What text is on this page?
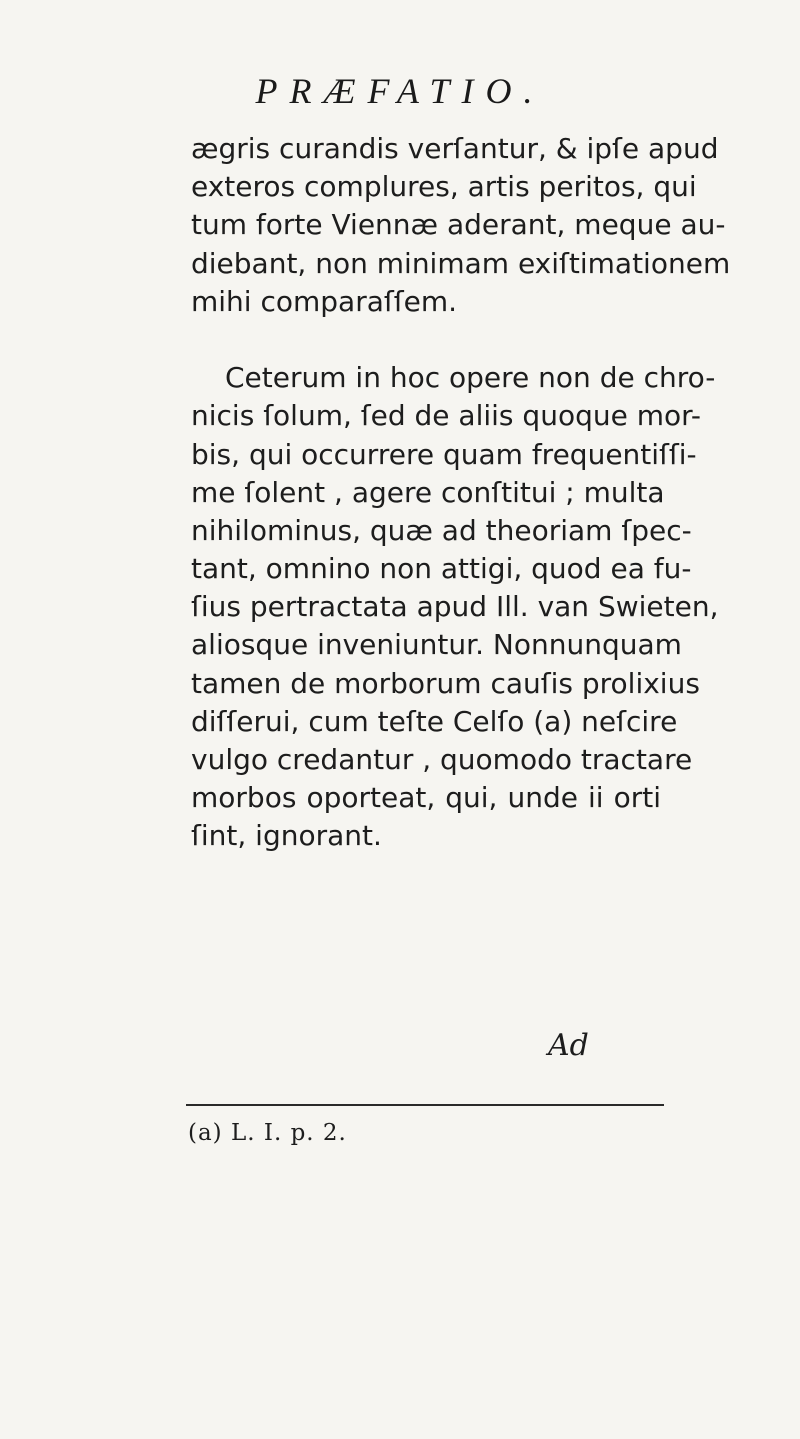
PRÆFATIO.
ægris curandis verſantur, & ipſe apud
exteros complures, artis peritos, qui
tum forte Viennæ aderant, meque au-
diebant, non minimam exiſtimationem
mihi comparaſſem.
Ceterum in hoc opere non de chro-
nicis ſolum, ſed de aliis quoque mor-
bis, qui occurrere quam frequentiſſi-
me ſolent , agere conſtitui ; multa
nihilominus, quæ ad theoriam ſpec-
tant, omnino non attigi, quod ea fu-
ſius pertractata apud Ill. van Swieten,
aliosque inveniuntur. Nonnunquam
tamen de morborum cauſis prolixius
diſſerui, cum teſte Celſo (a) neſcire
vulgo credantur , quomodo tractare
morbos oporteat, qui, unde ii orti
ſint, ignorant.
Ad
(a) L. I. p. 2.
